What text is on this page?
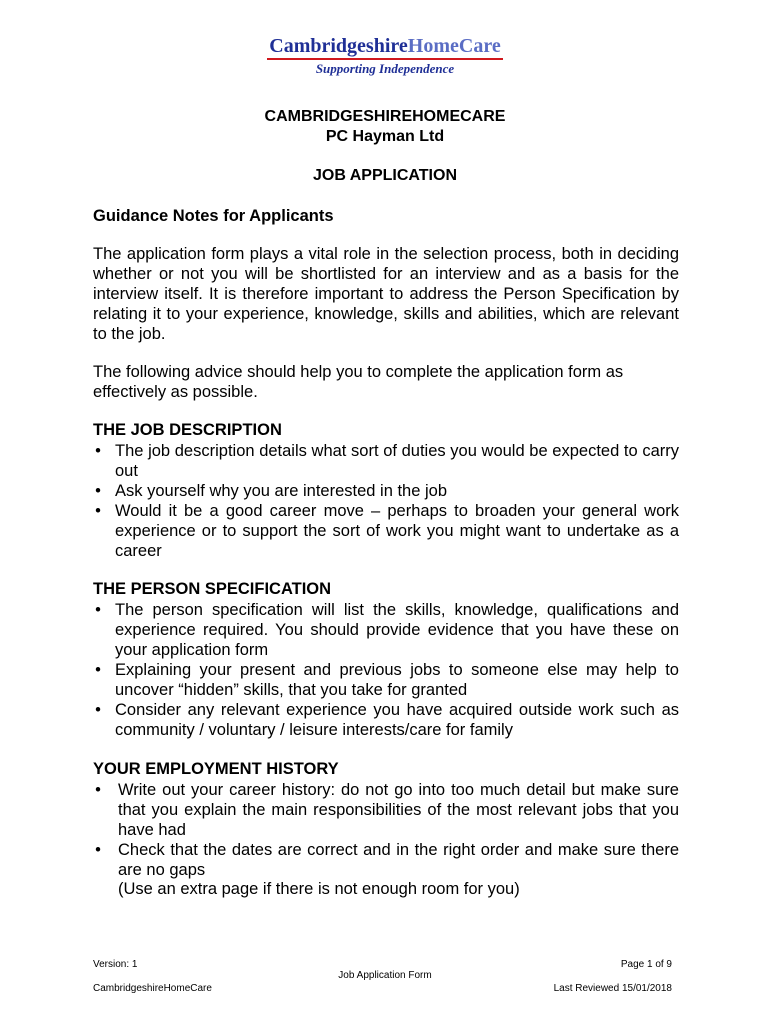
CambridgeshireHomeCare
Supporting Independence
CAMBRIDGESHIREHOMECARE
PC Hayman Ltd
JOB APPLICATION
Guidance Notes for Applicants
The application form plays a vital role in the selection process, both in deciding whether or not you will be shortlisted for an interview and as a basis for the interview itself. It is therefore important to address the Person Specification by relating it to your experience, knowledge, skills and abilities, which are relevant to the job.
The following advice should help you to complete the application form as effectively as possible.
THE JOB DESCRIPTION
• The job description details what sort of duties you would be expected to carry out
• Ask yourself why you are interested in the job
• Would it be a good career move – perhaps to broaden your general work experience or to support the sort of work you might want to undertake as a career
THE PERSON SPECIFICATION
• The person specification will list the skills, knowledge, qualifications and experience required. You should provide evidence that you have these on your application form
• Explaining your present and previous jobs to someone else may help to uncover “hidden” skills, that you take for granted
• Consider any relevant experience you have acquired outside work such as community / voluntary / leisure interests/care for family
YOUR EMPLOYMENT HISTORY
• Write out your career history: do not go into too much detail but make sure that you explain the main responsibilities of the most relevant jobs that you have had
• Check that the dates are correct and in the right order and make sure there are no gaps
(Use an extra page if there is not enough room for you)
Version: 1	Page 1 of 9
Job Application Form
CambridgeshireHomeCare	Last Reviewed 15/01/2018
